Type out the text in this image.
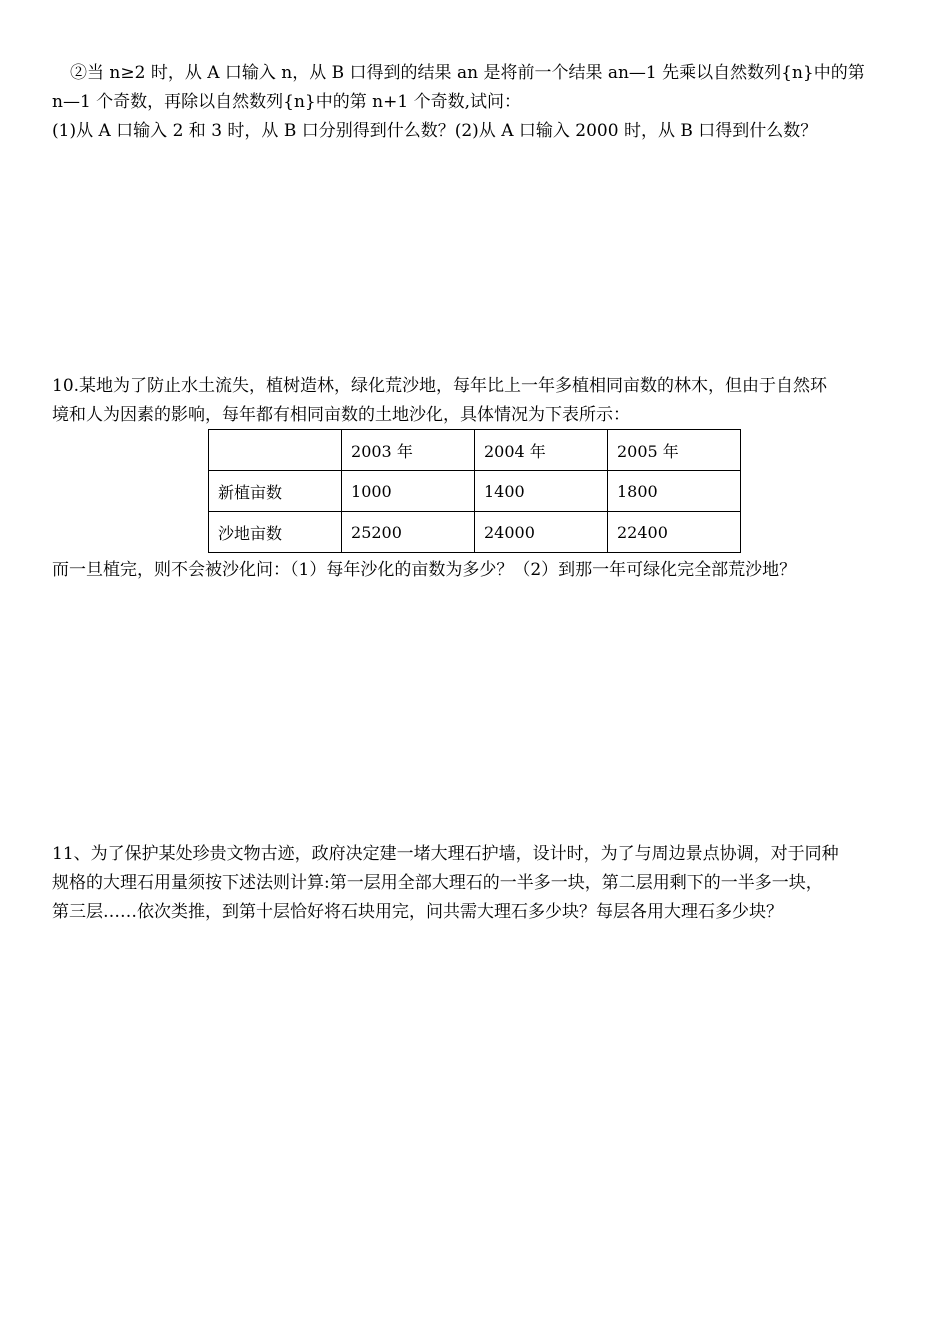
②当 n≥2 时，从 A 口输入 n，从 B 口得到的结果 an 是将前一个结果 an—1 先乘以自然数列{n}中的第
n—1 个奇数，再除以自然数列{n}中的第 n+1 个奇数,试问：
(1)从 A 口输入 2 和 3 时，从 B 口分别得到什么数？(2)从 A 口输入 2000 时，从 B 口得到什么数？

10.某地为了防止水土流失，植树造林，绿化荒沙地，每年比上一年多植相同亩数的林木，但由于自然环
境和人为因素的影响，每年都有相同亩数的土地沙化，具体情况为下表所示：

	2003 年	2004 年	2005 年
新植亩数	1000	1400	1800
沙地亩数	25200	24000	22400

而一旦植完，则不会被沙化问：（1）每年沙化的亩数为多少？（2）到那一年可绿化完全部荒沙地？

11、为了保护某处珍贵文物古迹，政府决定建一堵大理石护墙，设计时，为了与周边景点协调，对于同种
规格的大理石用量须按下述法则计算:第一层用全部大理石的一半多一块，第二层用剩下的一半多一块，
第三层……依次类推，到第十层恰好将石块用完，问共需大理石多少块？每层各用大理石多少块？
